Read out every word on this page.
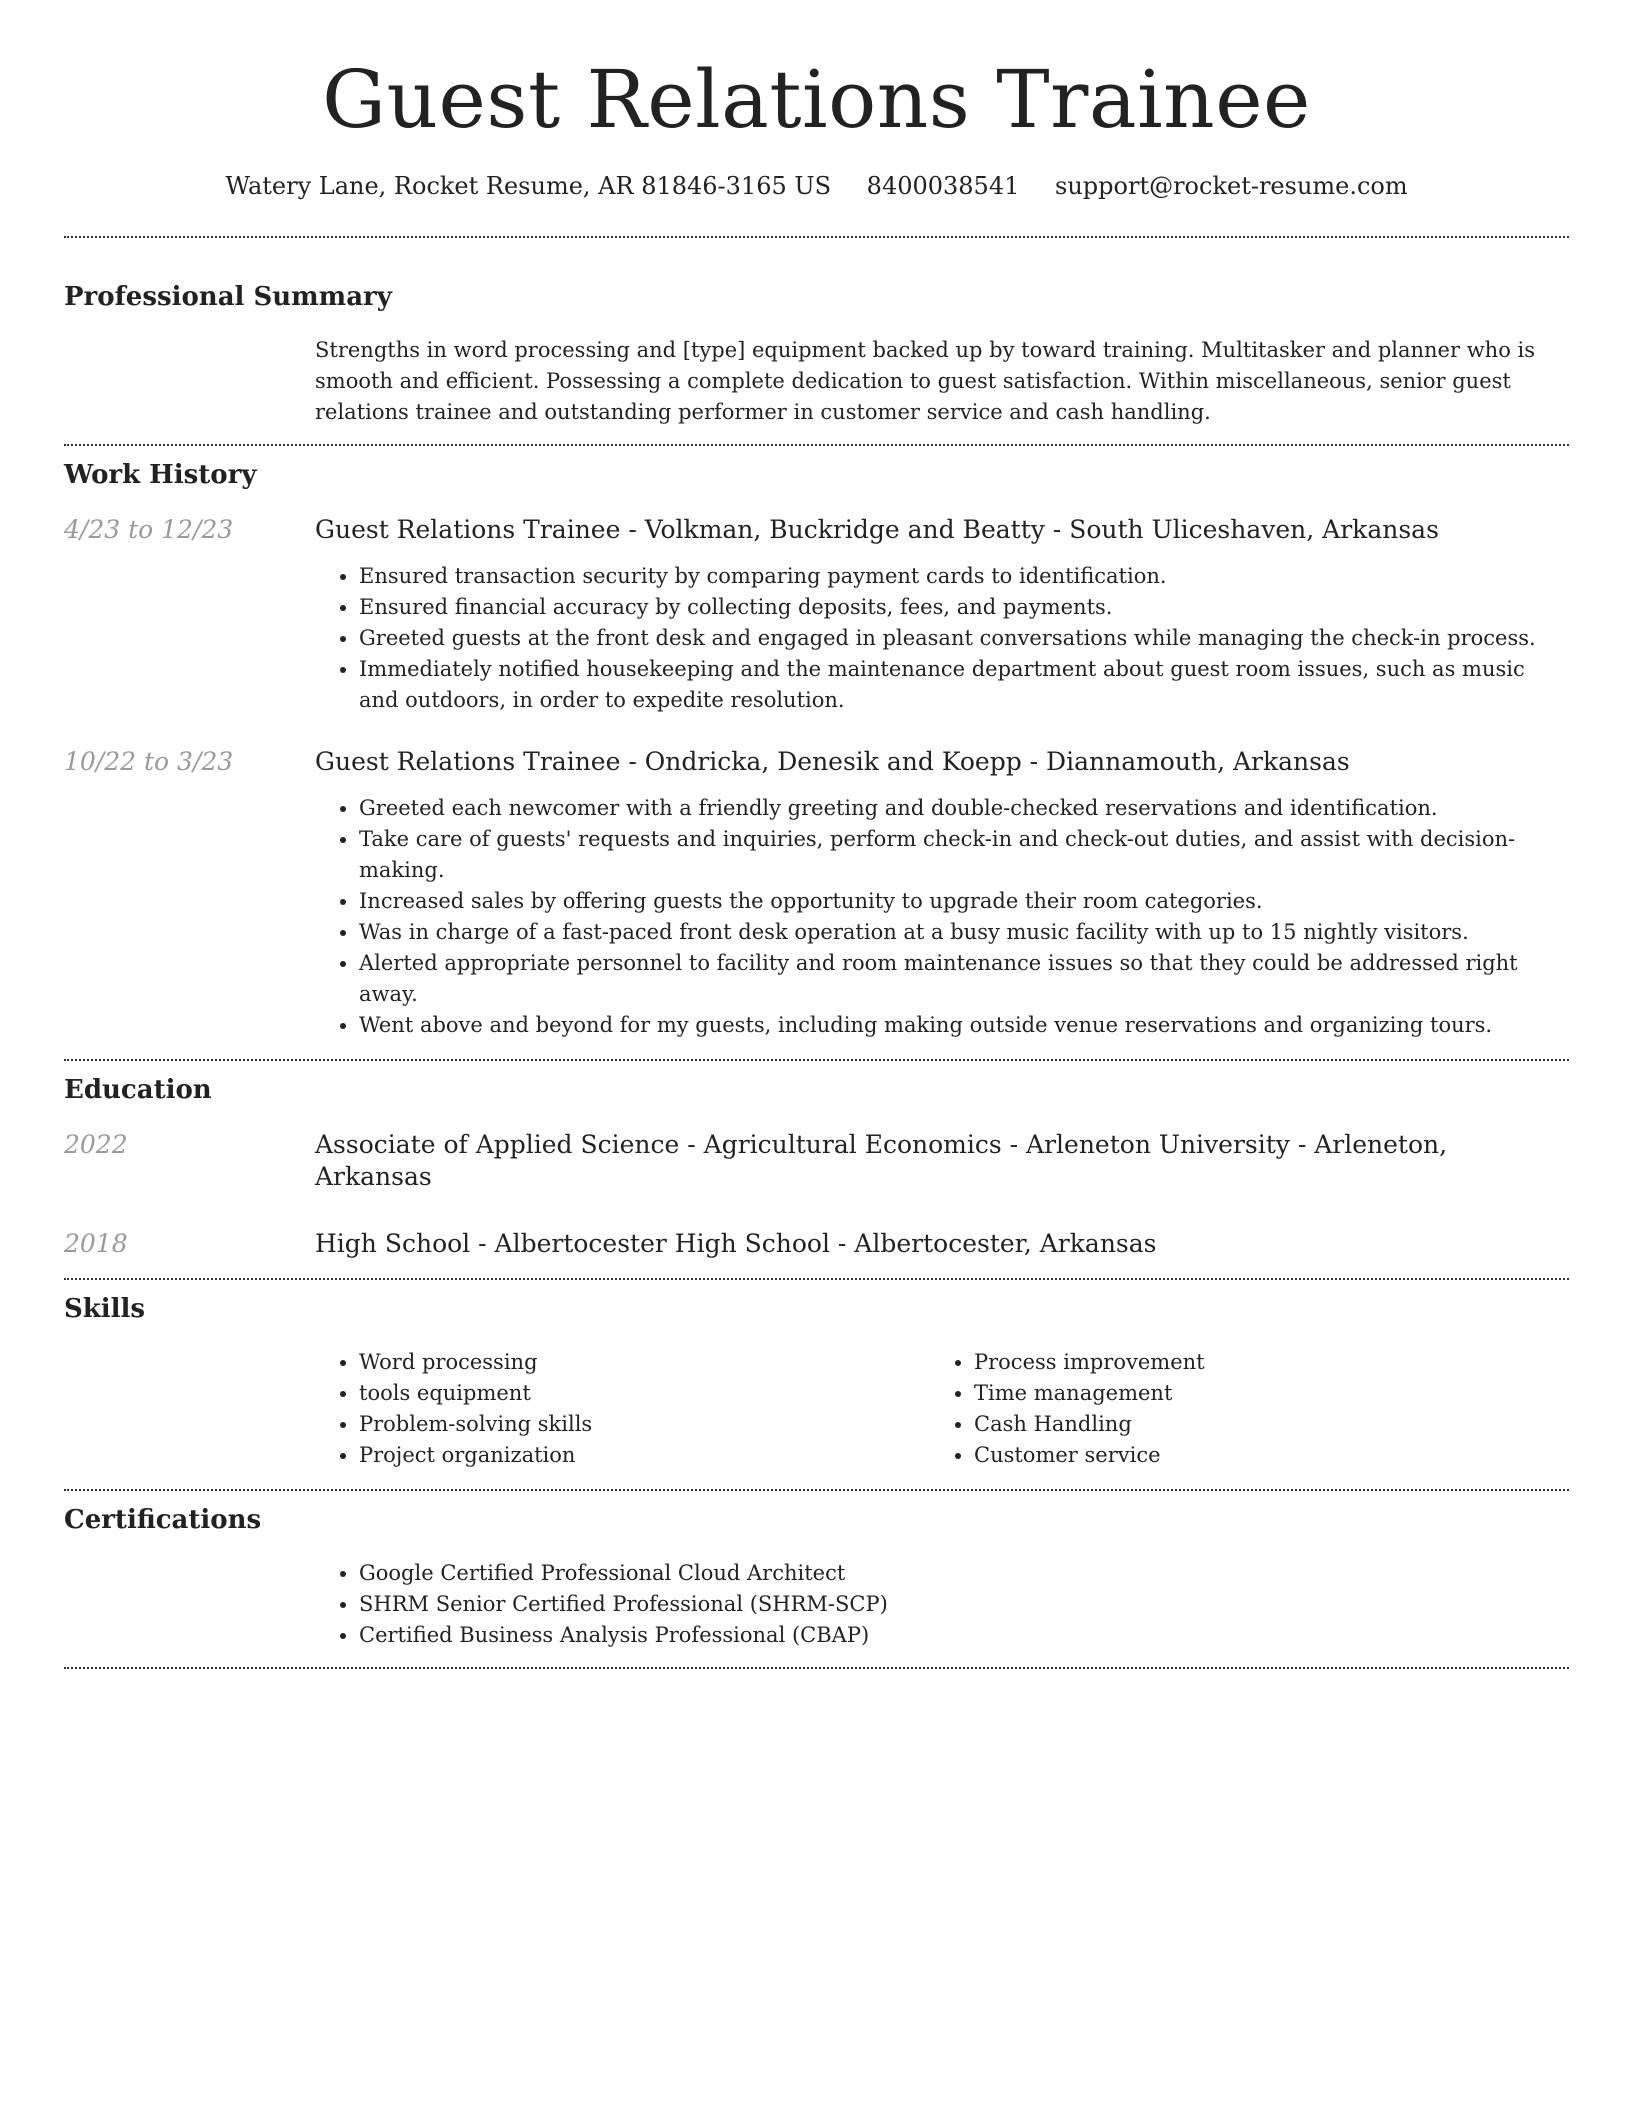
Guest Relations Trainee
Watery Lane, Rocket Resume, AR 81846-3165 US 8400038541 support@rocket-resume.com
Professional Summary

Strengths in word processing and [type] equipment backed up by toward training. Multitasker and planner who is smooth and efficient. Possessing a complete dedication to guest satisfaction. Within miscellaneous, senior guest relations trainee and outstanding performer in customer service and cash handling.

Work History
4/23 to 12/23	Guest Relations Trainee - Volkman, Buckridge and Beatty - South Uliceshaven, Arkansas
• Ensured transaction security by comparing payment cards to identification.
• Ensured financial accuracy by collecting deposits, fees, and payments.
• Greeted guests at the front desk and engaged in pleasant conversations while managing the check-in process.
• Immediately notified housekeeping and the maintenance department about guest room issues, such as music and outdoors, in order to expedite resolution.
10/22 to 3/23	Guest Relations Trainee - Ondricka, Denesik and Koepp - Diannamouth, Arkansas
• Greeted each newcomer with a friendly greeting and double-checked reservations and identification.
• Take care of guests' requests and inquiries, perform check-in and check-out duties, and assist with decision-making.
• Increased sales by offering guests the opportunity to upgrade their room categories.
• Was in charge of a fast-paced front desk operation at a busy music facility with up to 15 nightly visitors.
• Alerted appropriate personnel to facility and room maintenance issues so that they could be addressed right away.
• Went above and beyond for my guests, including making outside venue reservations and organizing tours.
Education
2022	Associate of Applied Science - Agricultural Economics - Arleneton University - Arleneton, Arkansas
2018	High School - Albertocester High School - Albertocester, Arkansas
Skills
• Word processing
• tools equipment
• Problem-solving skills
• Project organization
• Process improvement
• Time management
• Cash Handling
• Customer service
Certifications
• Google Certified Professional Cloud Architect
• SHRM Senior Certified Professional (SHRM-SCP)
• Certified Business Analysis Professional (CBAP)
